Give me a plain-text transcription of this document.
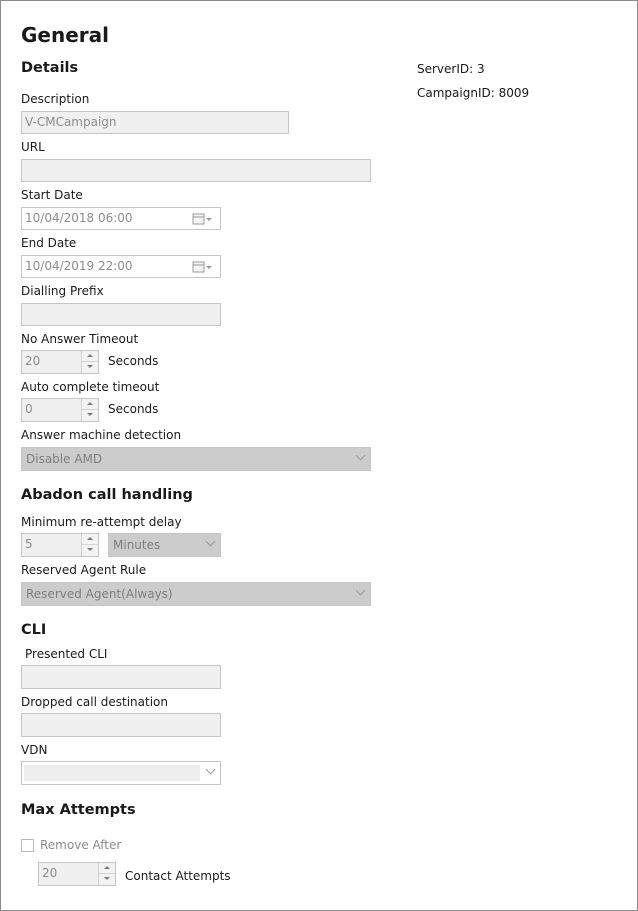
General
Details	ServerID: 3
CampaignID: 8009
Description
V-CMCampaign
URL
Start Date
10/04/2018 06:00
End Date
10/04/2019 22:00
Dialling Prefix
No Answer Timeout
20	Seconds
Auto complete timeout
0	Seconds
Answer machine detection
Disable AMD
Abadon call handling
Minimum re-attempt delay
5	Minutes
Reserved Agent Rule
Reserved Agent(Always)
CLI
Presented CLI
Dropped call destination
VDN
Max Attempts
Remove After
20	Contact Attempts
